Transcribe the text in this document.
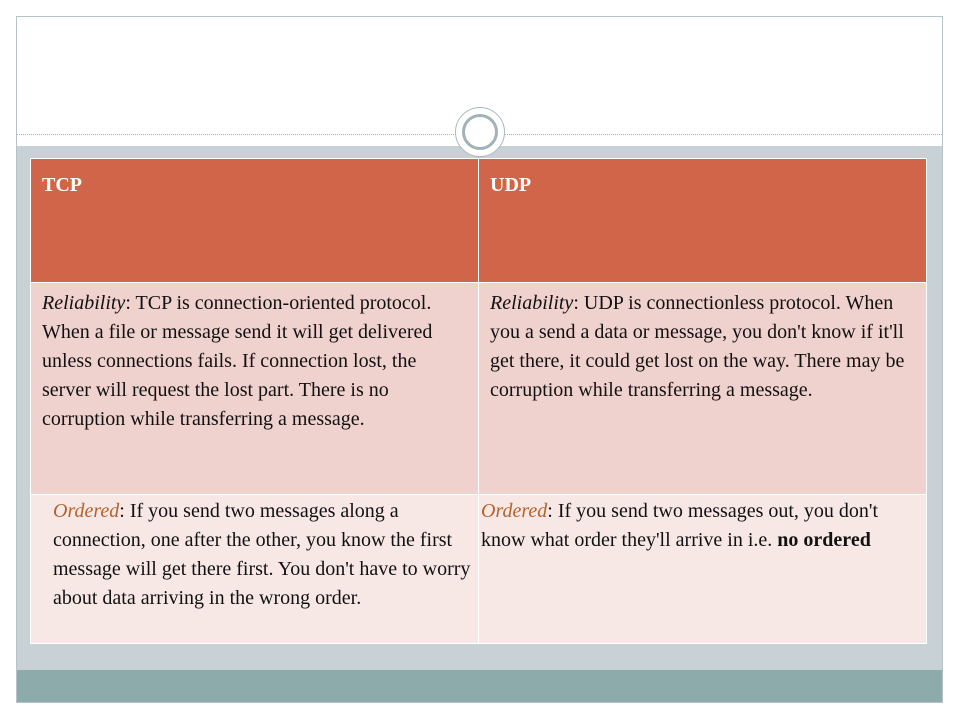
TCP	UDP
Reliability: TCP is connection-oriented protocol. When a file or message send it will get delivered unless connections fails. If connection lost, the server will request the lost part. There is no corruption while transferring a message.	Reliability: UDP is connectionless protocol. When you a send a data or message, you don't know if it'll get there, it could get lost on the way. There may be corruption while transferring a message.
Ordered: If you send two messages along a connection, one after the other, you know the first message will get there first. You don't have to worry about data arriving in the wrong order.	Ordered: If you send two messages out, you don't know what order they'll arrive in i.e. no ordered
